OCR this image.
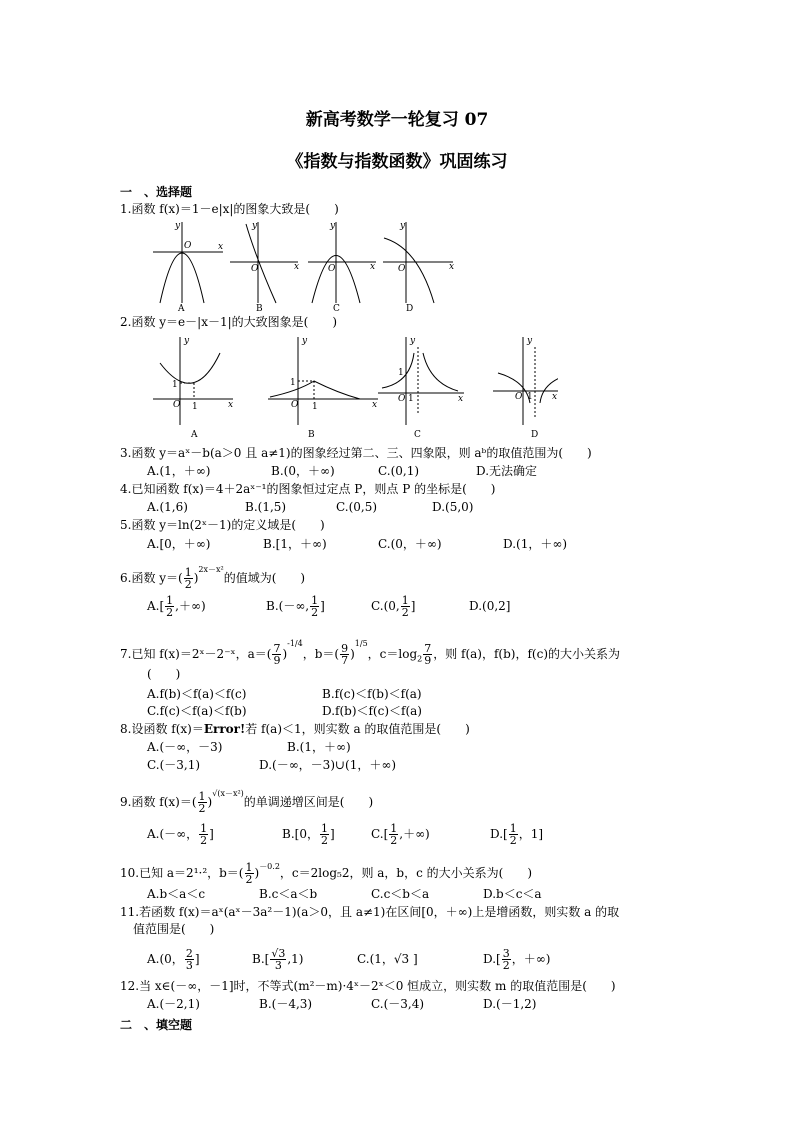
新高考数学一轮复习 07
《指数与指数函数》巩固练习
一　、选择题
1.函数 f(x)＝1－e|x|的图象大致是(　　)
y
O	x
y
O	x
y
O	x
y
O	x
A	B	C	D
2.函数 y＝e－|x－1|的大致图象是(　　)
y
O	x
y
O	x
y
O	x
y
O	x
1
1
1
1
1
1	1
A	B	C	D
3.函数 y＝aˣ－b(a＞0 且 a≠1)的图象经过第二、三、四象限，则 aᵇ的取值范围为(　　)
A.(1，＋∞)	B.(0，＋∞)	C.(0,1)	D.无法确定
4.已知函数 f(x)＝4＋2aˣ⁻¹的图象恒过定点 P，则点 P 的坐标是(　　)
A.(1,6)	B.(1,5)	C.(0,5)	D.(5,0)
5.函数 y＝ln(2ˣ－1)的定义域是(　　)
A.[0，＋∞)	B.[1，＋∞)	C.(0，＋∞)	D.(1，＋∞)
6.函数 $y=( \frac{1}{2} )^{2x-x^2}$的值域为(　　)
$A.[ \frac{1}{2}$ ,＋∞)	B.(－∞, $\frac{1}{2}$ ]	C.(0, $\frac{1}{2}$ ]	D.(0,2]
7.已知 f(x)＝2ˣ－2⁻ˣ，$a=( \frac{7}{9} )^{-1/4}$，$b=( \frac{9}{7} )^{1/5}$，$c=\log_2 \frac{7}{9}$ ，则 f(a)，f(b)，f(c)的大小关系为
(　　)
A.f(b)＜f(a)＜f(c)	B.f(c)＜f(b)＜f(a)
C.f(c)＜f(a)＜f(b)	D.f(b)＜f(c)＜f(a)
8.设函数 f(x)＝Error!若 f(a)＜1，则实数 a 的取值范围是(　　)
A.(－∞，－3)	B.(1，＋∞)
C.(－3,1)	D.(－∞，－3)∪(1，＋∞)
9.函数 $f(x)=( \frac{1}{2} )^{√(x-x^2)}$的单调递增区间是(　　)
A.(－∞， $\frac{1}{2}$ ]	B.[0， $\frac{1}{2}$ ]	$C.[ \frac{1}{2}$ ,＋∞)	$D.[ \frac{1}{2}$ ，1]
10.已知 a＝2¹·²，$b=( \frac{1}{2} )^{-0.2}$，c＝2log₅2，则 a，b，c 的大小关系为(　　)
A.b＜a＜c	B.c＜a＜b	C.c＜b＜a	D.b＜c＜a
11.若函数 f(x)＝aˣ(aˣ－3a²－1)(a＞0，且 a≠1)在区间[0，＋∞)上是增函数，则实数 a 的取
值范围是(　　)
A.(0， $\frac{2}{3}$ ]	$B.[ \frac{√3}{3} ,1)$	C.(1，√3 ]	$D.[ \frac{3}{2}$ ，＋∞)
12.当 x∈(－∞，－1]时，不等式(m²－m)·4ˣ－2ˣ＜0 恒成立，则实数 m 的取值范围是(　　)
A.(－2,1)	B.(－4,3)	C.(－3,4)	D.(－1,2)
二　、填空题
